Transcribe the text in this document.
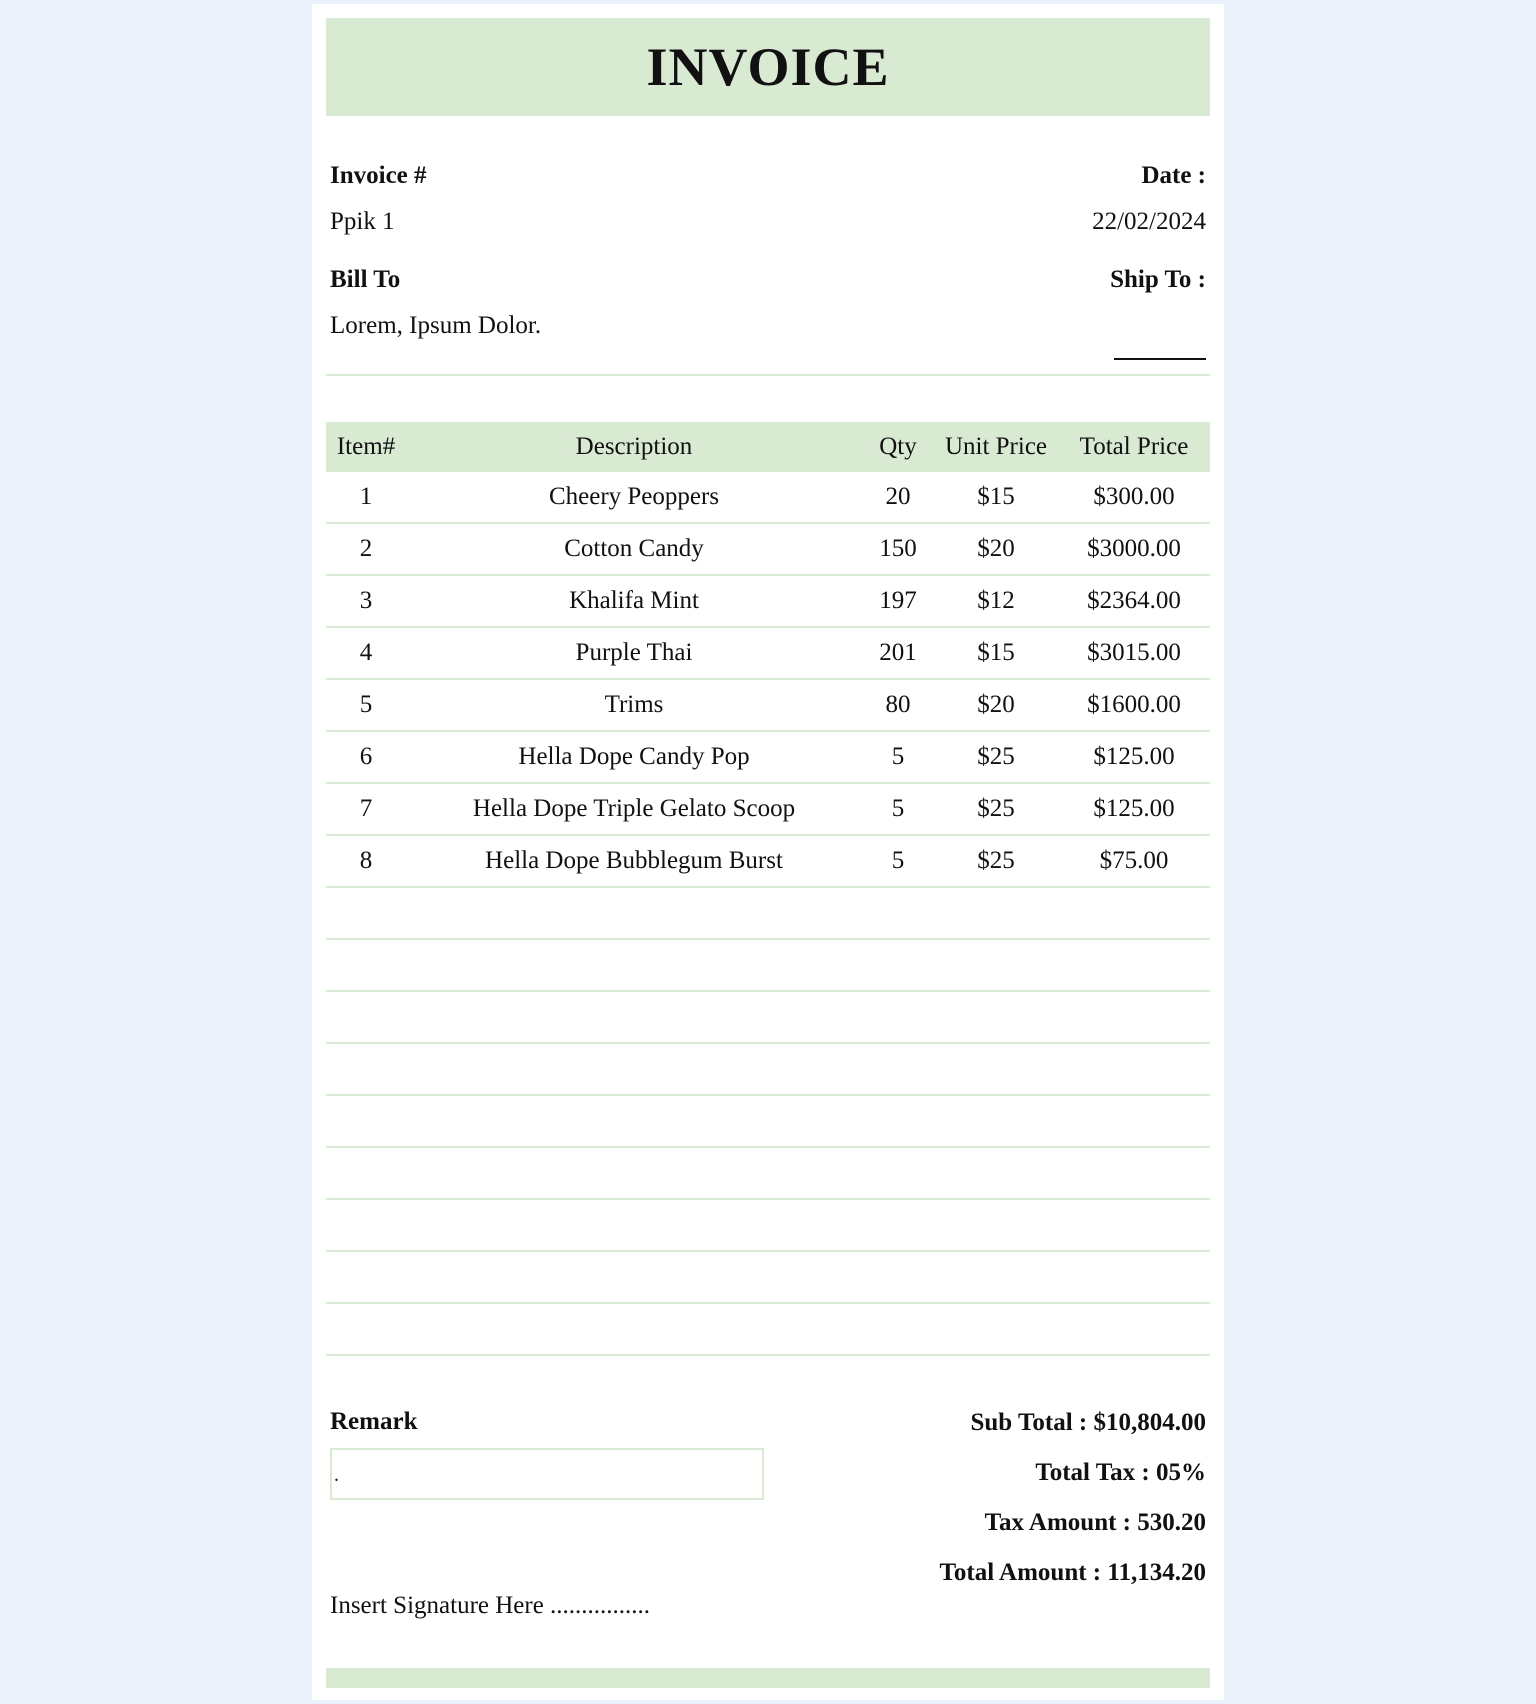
INVOICE
Invoice #
Ppik 1
Date :
22/02/2024
Bill To
Lorem, Ipsum Dolor.
Ship To :
Item#	Description	Qty	Unit Price	Total Price
1	Cheery Peoppers	20	$15	$300.00
2	Cotton Candy	150	$20	$3000.00
3	Khalifa Mint	197	$12	$2364.00
4	Purple Thai	201	$15	$3015.00
5	Trims	80	$20	$1600.00
6	Hella Dope Candy Pop	5	$25	$125.00
7	Hella Dope Triple Gelato Scoop	5	$25	$125.00
8	Hella Dope Bubblegum Burst	5	$25	$75.00

Remark
.
Sub Total : $10,804.00
Total Tax : 05%
Tax Amount : 530.20
Total Amount : 11,134.20
Insert Signature Here ................
